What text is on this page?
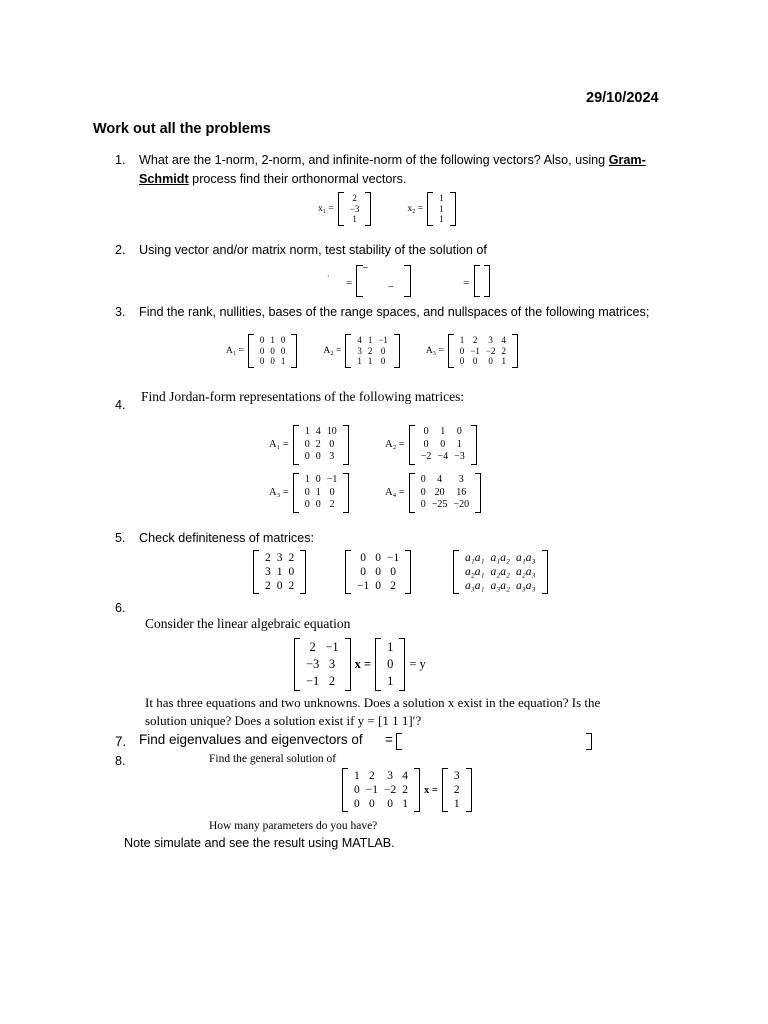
29/10/2024
Work out all the problems
1. What are the 1-norm, 2-norm, and infinite-norm of the following vectors? Also, using Gram-Schmidt process find their orthonormal vectors.
x₁ =
2
−3
1
x₂ =
1
1
1
2. Using vector and/or matrix norm, test stability of the solution of
·
=
−
−	=
3. Find the rank, nullities, bases of the range spaces, and nullspaces of the following matrices;
A₁ =
0	1	0
0	0	0
0	0	1
A₂ =
4	1	−1
3	2	0
1	1	0
A₃ =
1	2	3	4
0	−1	−2	2
0	0	0	1
4.
Find Jordan-form representations of the following matrices:
A₁ =
1	4	10
0	2	0
0	0	3
A₂ =
0	1	0
0	0	1
−2	−4	−3
A₃ =
1	0	−1
0	1	0
0	0	2
A₄ =
0	4	3
0	20	16
0	−25	−20
5. Check definiteness of matrices:
2	3	2
3	1	0
2	0	2
0	0	−1
0	0	0
−1	0	2
a₁a₁	a₁a₂	a₁a₃
a₂a₁	a₂a₂	a₂a₃
a₃a₁	a₃a₂	a₃a₃
6.
Consider the linear algebraic equation
2	−1
−3	3
−1	2
x =
1
0
1
= y
It has three equations and two unknowns. Does a solution x exist in the equation? Is the
solution unique? Does a solution exist if y = [1 1 1]′?
7. Find eigenvalues and eigenvectors of =
8.	Find the general solution of
1	2	3	4
0	−1	−2	2
0	0	0	1
x =
3
2
1
How many parameters do you have?
Note simulate and see the result using MATLAB.
